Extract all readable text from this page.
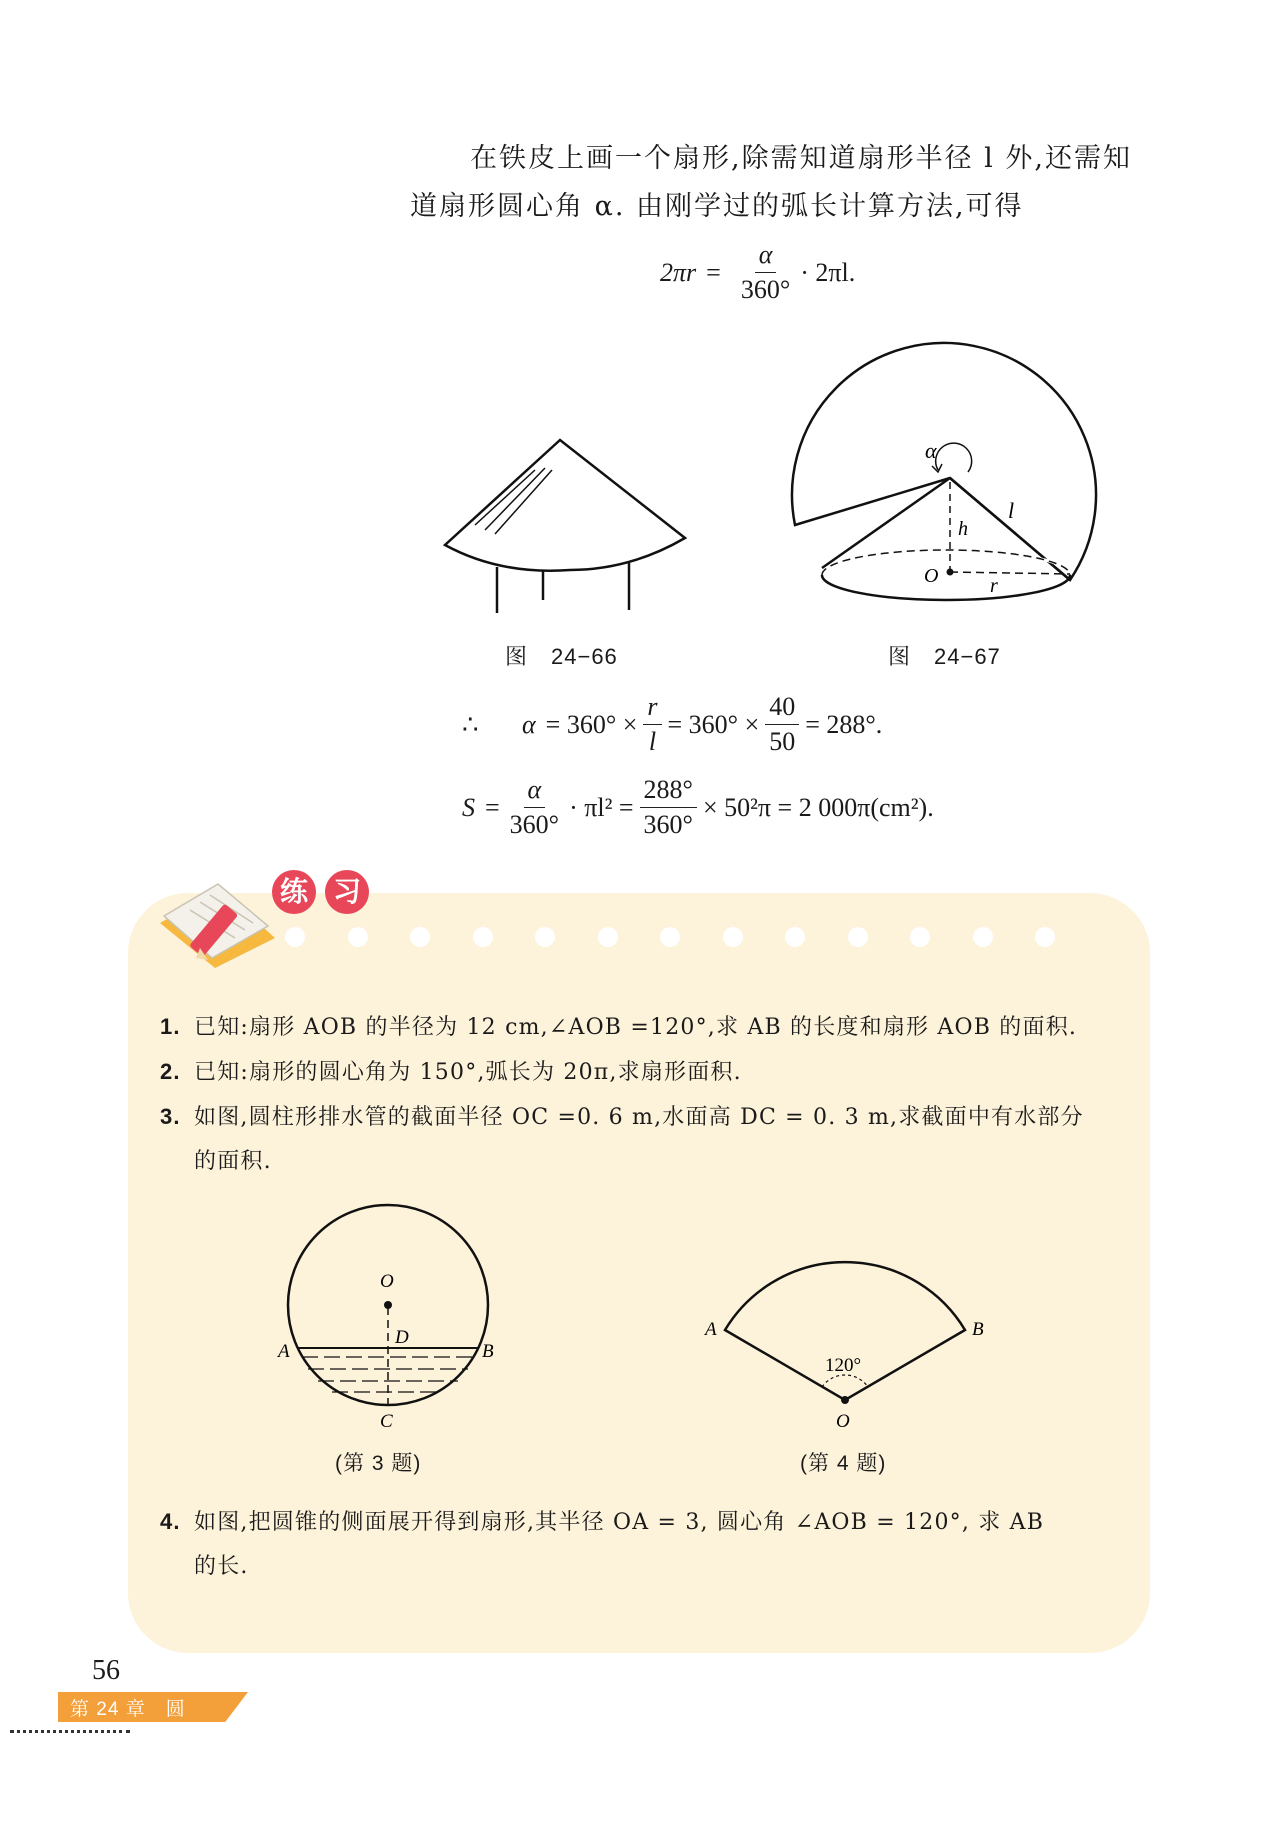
在铁皮上画一个扇形,除需知道扇形半径 l 外,还需知
道扇形圆心角 α. 由刚学过的弧长计算方法,可得
$2\pi r = \frac{\alpha}{360^\circ} \cdot 2\pi l$.
图　24−66
α
l
h
O	r
图　24−67
∴	$\alpha = 360^\circ \times \frac{r}{l} = 360^\circ \times \frac{40}{50} = 288^\circ$.
$S = \frac{\alpha}{360^\circ} \cdot \pi l^2 = \frac{288^\circ}{360^\circ} \times 50^2\pi = 2$ 000π(cm²).
练 习
1. 已知:扇形 AOB 的半径为 12 cm,∠AOB =120°,求 AB 的长度和扇形 AOB 的面积.
2. 已知:扇形的圆心角为 150°,弧长为 20π,求扇形面积.
3. 如图,圆柱形排水管的截面半径 OC =0. 6 m,水面高 DC = 0. 3 m,求截面中有水部分
的面积.
O
D
A	B
C
(第 3 题)
A	B
O
120°
(第 4 题)
4. 如图,把圆锥的侧面展开得到扇形,其半径 OA = 3, 圆心角 ∠AOB = 120°, 求 AB
的长.
56
第 24 章　圆
